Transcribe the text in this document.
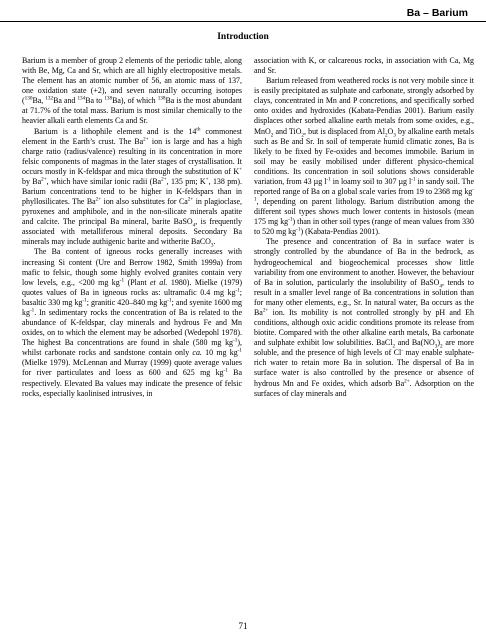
Ba – Barium
Introduction

Barium is a member of group 2 elements of the periodic table, along with Be, Mg, Ca and Sr, which are all highly electropositive metals. The element has an atomic number of 56, an atomic mass of 137, one oxidation state (+2), and seven naturally occurring isotopes ($^{130}$Ba, $^{132}$Ba and $^{134}$Ba to $^{138}$Ba), of which $^{138}$Ba is the most abundant at 71.7% of the total mass. Barium is most similar chemically to the heavier alkali earth elements Ca and Sr.

Barium is a lithophile element and is the 14th commonest element in the Earth’s crust. The $Ba^{2+}$ ion is large and has a high charge ratio (radius/valence) resulting in its concentration in more felsic components of magmas in the later stages of crystallisation. It occurs mostly in K-feldspar and mica through the substitution of K+ by $Ba^{2+}$, which have similar ionic radii ($Ba^{2+}$, 135 pm; K+, 138 pm). Barium concentrations tend to be higher in K-feldspars than in phyllosilicates. The $Ba^{2+}$ ion also substitutes for $Ca^{2+}$ in plagioclase, pyroxenes and amphibole, and in the non-silicate minerals apatite and calcite. The principal Ba mineral, barite BaSO$_4$, is frequently associated with metalliferous mineral deposits. Secondary Ba minerals may include authigenic barite and witherite BaCO$_3$.

The Ba content of igneous rocks generally increases with increasing Si content (Ure and Berrow 1982, Smith 1999a) from mafic to felsic, though some highly evolved granites contain very low levels, e.g., <200 mg $kg^{-1}$ (Plant et al. 1980). Mielke (1979) quotes values of Ba in igneous rocks as: ultramafic 0.4 mg $kg^{-1}$; basaltic 330 mg $kg^{-1}$; granitic 420–840 mg $kg^{-1}$; and syenite 1600 mg $kg^{-1}$. In sedimentary rocks the concentration of Ba is related to the abundance of K-feldspar, clay minerals and hydrous Fe and Mn oxides, on to which the element may be adsorbed (Wedepohl 1978). The highest Ba concentrations are found in shale (580 mg $kg^{-1}$), whilst carbonate rocks and sandstone contain only ca. 10 mg $kg^{-1}$ (Mielke 1979). McLennan and Murray (1999) quote average values for river particulates and loess as 600 and 625 mg $kg^{-1}$ Ba respectively. Elevated Ba values may indicate the presence of felsic rocks, especially kaolinised intrusives, in

association with K, or calcareous rocks, in association with Ca, Mg and Sr.

Barium released from weathered rocks is not very mobile since it is easily precipitated as sulphate and carbonate, strongly adsorbed by clays, concentrated in Mn and P concretions, and specifically sorbed onto oxides and hydroxides (Kabata-Pendias 2001). Barium easily displaces other sorbed alkaline earth metals from some oxides, e.g., MnO$_2$ and TiO$_2$, but is displaced from $Al_2O_3$ by alkaline earth metals such as Be and Sr. In soil of temperate humid climatic zones, Ba is likely to be fixed by Fe-oxides and becomes immobile. Barium in soil may be easily mobilised under different physico-chemical conditions. Its concentration in soil solutions shows considerable variation, from 43 µg $l^{-1}$ in loamy soil to 307 µg $l^{-1}$ in sandy soil. The reported range of Ba on a global scale varies from 19 to 2368 mg $kg^{-1}$, depending on parent lithology. Barium distribution among the different soil types shows much lower contents in histosols (mean 175 mg $kg^{-1}$) than in other soil types (range of mean values from 330 to 520 mg $kg^{-1}$) (Kabata-Pendias 2001).

The presence and concentration of Ba in surface water is strongly controlled by the abundance of Ba in the bedrock, as hydrogeochemical and biogeochemical processes show little variability from one environment to another. However, the behaviour of Ba in solution, particularly the insolubility of BaSO$_4$, tends to result in a smaller level range of Ba concentrations in solution than for many other elements, e.g., Sr. In natural water, Ba occurs as the $Ba^{2+}$ ion. Its mobility is not controlled strongly by pH and Eh conditions, although oxic acidic conditions promote its release from biotite. Compared with the other alkaline earth metals, Ba carbonate and sulphate exhibit low solubilities. BaCl$_2$ and $Ba(NO_3)_2$ are more soluble, and the presence of high levels of Cl- may enable sulphate-rich water to retain more Ba in solution. The dispersal of Ba in surface water is also controlled by the presence or absence of hydrous Mn and Fe oxides, which adsorb $Ba^{2+}$. Adsorption on the surfaces of clay minerals and

71
